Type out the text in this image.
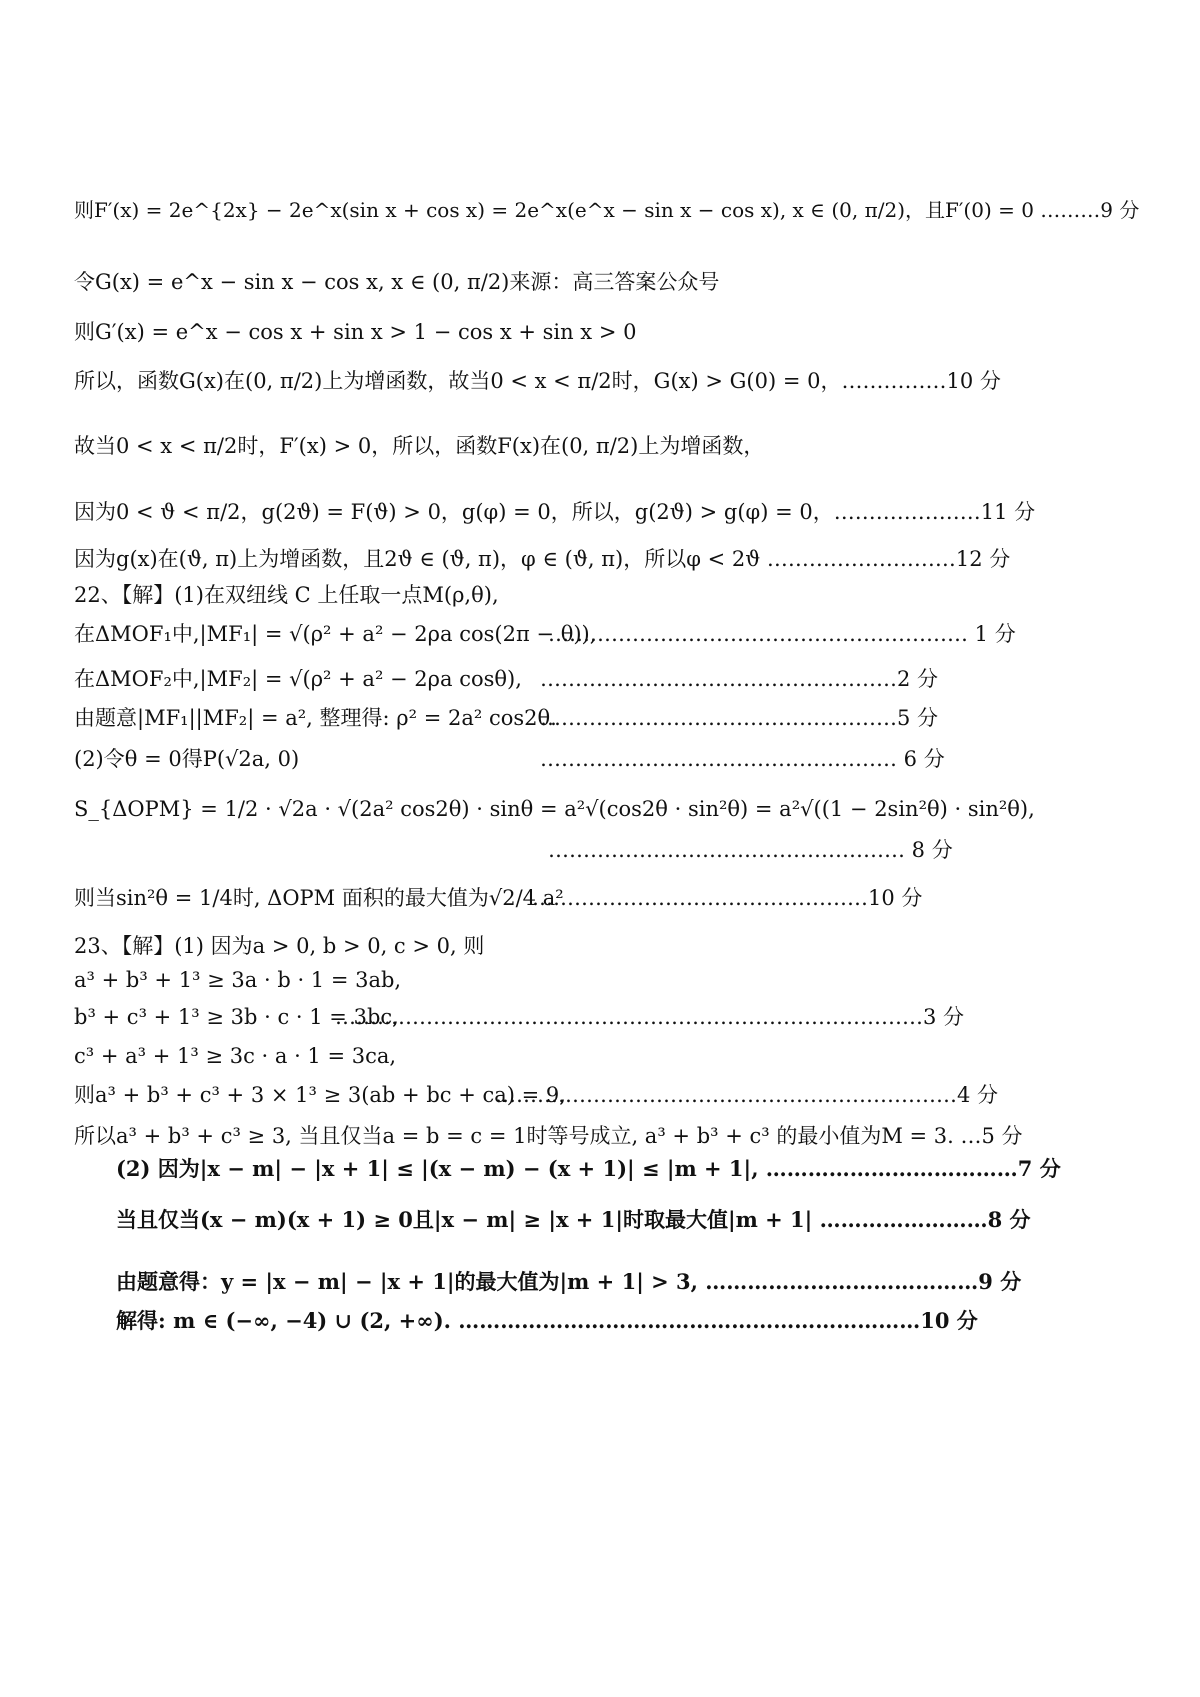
则F′(x) = 2e^{2x} − 2e^x(sin x + cos x) = 2e^x(e^x − sin x − cos x), x ∈ (0, π/2)，且F′(0) = 0 ………9 分
令G(x) = e^x − sin x − cos x, x ∈ (0, π/2)来源：高三答案公众号
则G′(x) = e^x − cos x + sin x > 1 − cos x + sin x > 0
所以，函数G(x)在(0, π/2)上为增函数，故当0 < x < π/2时，G(x) > G(0) = 0，……………10 分
故当0 < x < π/2时，F′(x) > 0，所以，函数F(x)在(0, π/2)上为增函数，
因为0 < ϑ < π/2，g(2ϑ) = F(ϑ) > 0，g(φ) = 0，所以，g(2ϑ) > g(φ) = 0，…………………11 分
因为g(x)在(ϑ, π)上为增函数，且2ϑ ∈ (ϑ, π)，φ ∈ (ϑ, π)，所以φ < 2ϑ ………………………12 分
22、【解】(1)在双纽线 C 上任取一点M(ρ,θ),
在ΔMOF₁中,|MF₁| = √(ρ² + a² − 2ρa cos(2π − θ)),
…………………………………………………… 1 分
在ΔMOF₂中,|MF₂| = √(ρ² + a² − 2ρa cosθ), ……………………………………………2 分
由题意|MF₁||MF₂| = a², 整理得: ρ² = 2a² cos2θ.
……………………………………………5 分
(2)令θ = 0得P(√2a, 0)	…………………………………………… 6 分
S_{ΔOPM} = 1/2 · √2a · √(2a² cos2θ) · sinθ = a²√(cos2θ · sin²θ) = a²√((1 − 2sin²θ) · sin²θ),
…………………………………………… 8 分
则当sin²θ = 1/4时, ΔOPM 面积的最大值为√2/4 a²
…………………………………………10 分
23、【解】(1) 因为a > 0, b > 0, c > 0, 则
a³ + b³ + 1³ ≥ 3a · b · 1 = 3ab,
b³ + c³ + 1³ ≥ 3b · c · 1 = 3bc,
…………………………………………………………………………3 分
c³ + a³ + 1³ ≥ 3c · a · 1 = 3ca,
则a³ + b³ + c³ + 3 × 1³ ≥ 3(ab + bc + ca) = 9,
…………………………………………………………4 分
所以a³ + b³ + c³ ≥ 3, 当且仅当a = b = c = 1时等号成立, a³ + b³ + c³ 的最小值为M = 3. …5 分
(2) 因为|x − m| − |x + 1| ≤ |(x − m) − (x + 1)| ≤ |m + 1|, ………………………………7 分
当且仅当(x − m)(x + 1) ≥ 0且|x − m| ≥ |x + 1|时取最大值|m + 1| ……………………8 分
由题意得：y = |x − m| − |x + 1|的最大值为|m + 1| > 3, …………………………………9 分
解得: m ∈ (−∞, −4) ∪ (2, +∞). …………………………………………………………10 分
